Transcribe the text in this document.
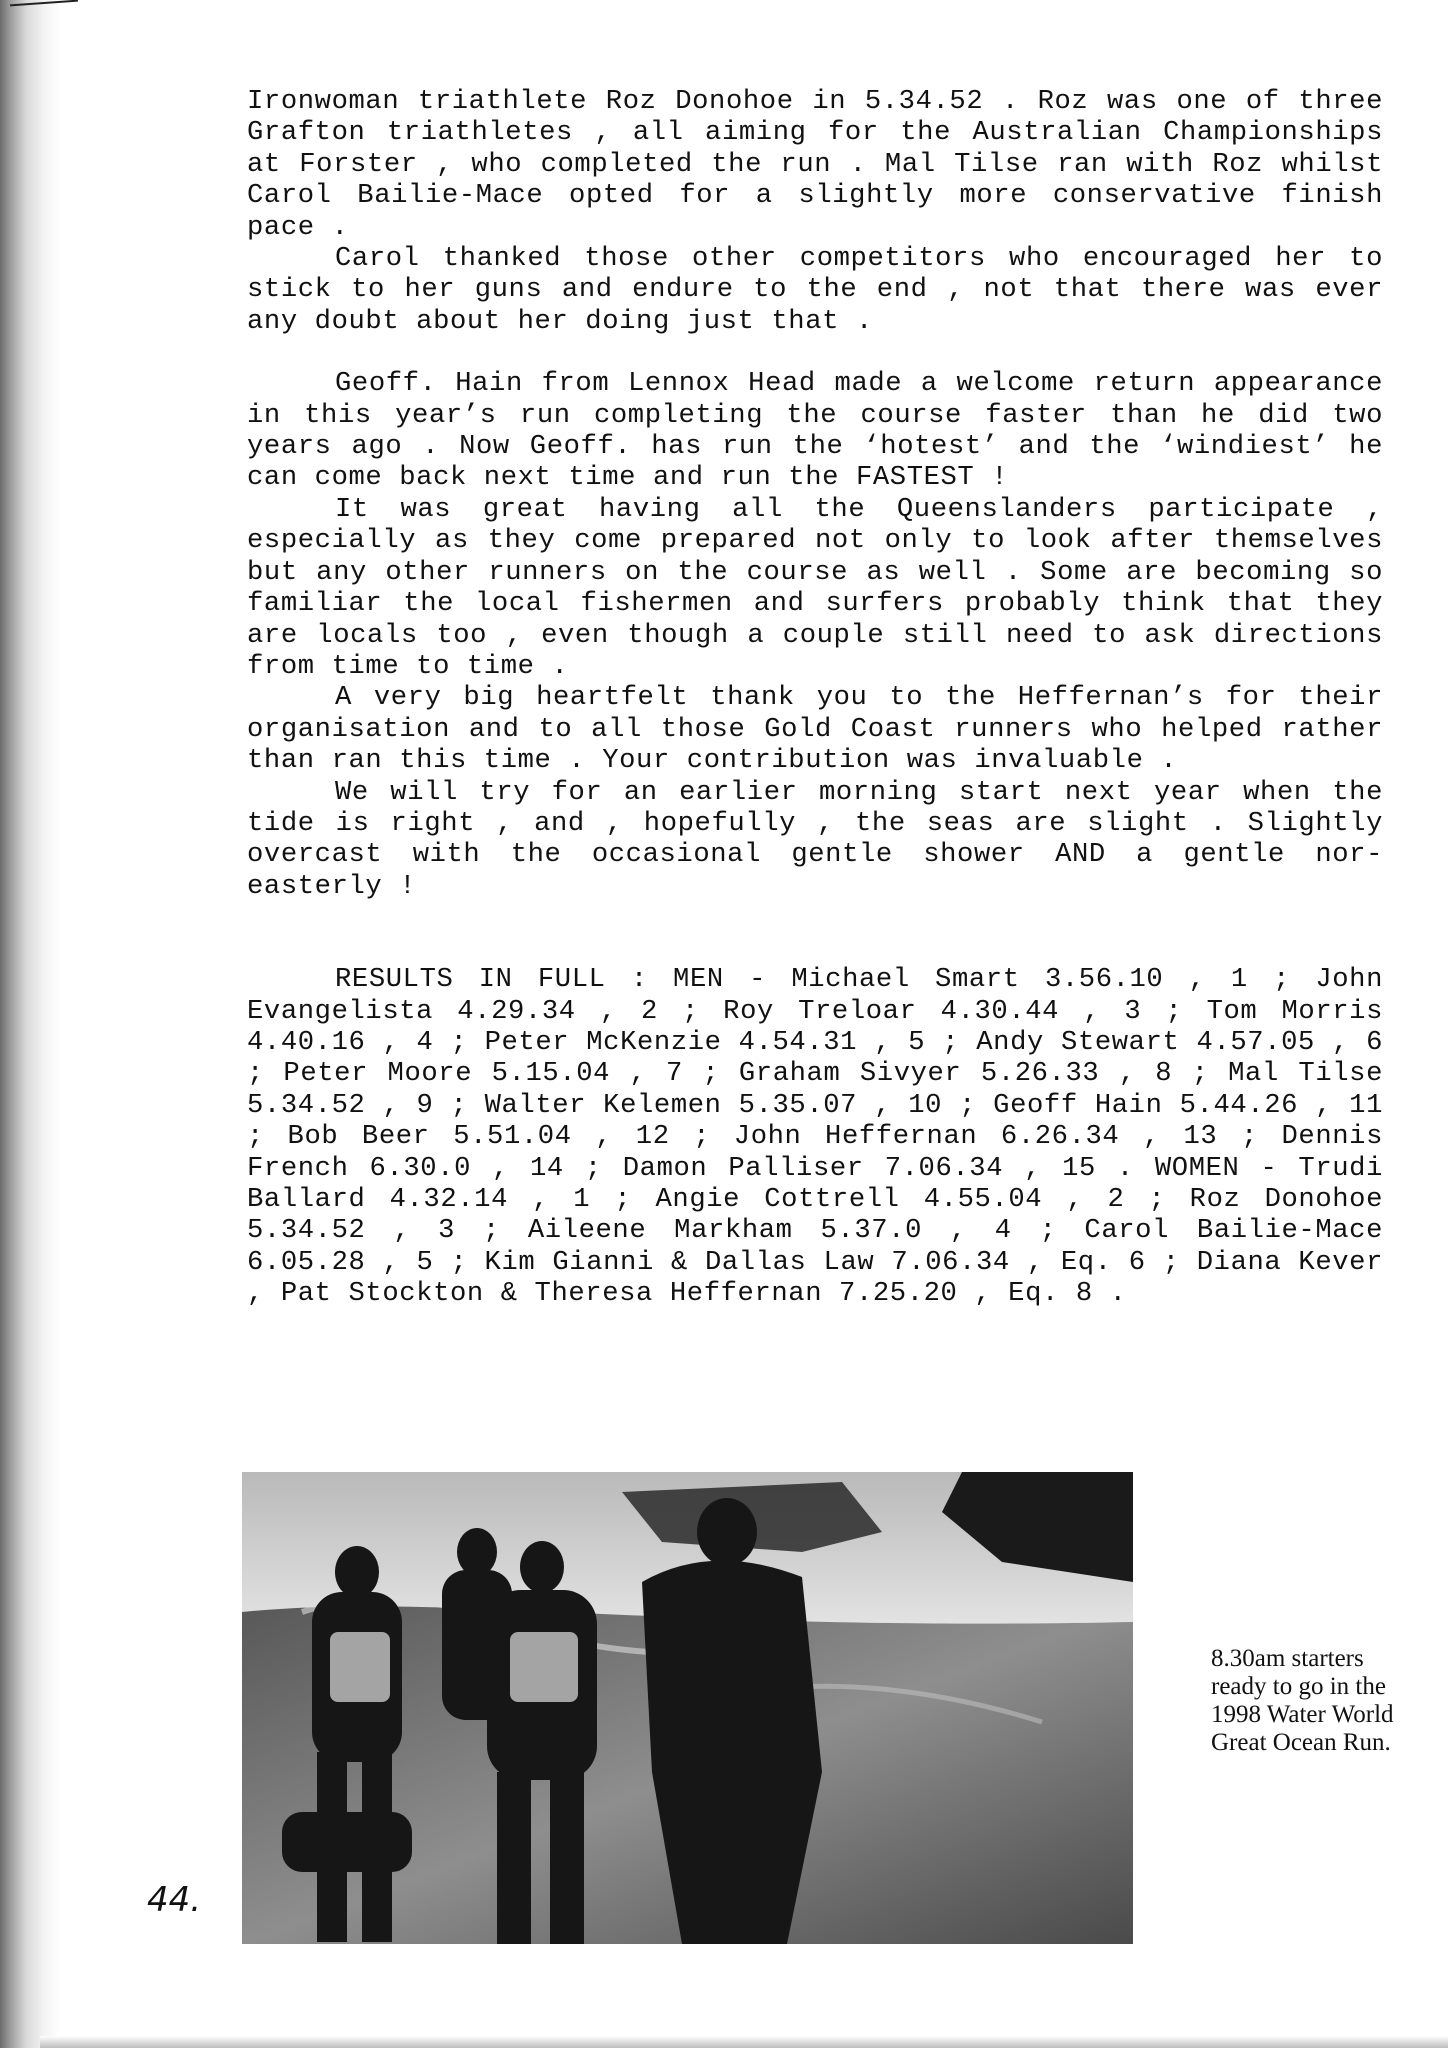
Ironwoman triathlete Roz Donohoe in 5.34.52 . Roz was one of three Grafton triathletes , all aiming for the Australian Championships at Forster , who completed the run . Mal Tilse ran with Roz whilst Carol Bailie-Mace opted for a slightly more conservative finish pace .

Carol thanked those other competitors who encouraged her to stick to her guns and endure to the end , not that there was ever any doubt about her doing just that .

Geoff. Hain from Lennox Head made a welcome return appearance in this year’s run completing the course faster than he did two years ago . Now Geoff. has run the ‘hotest’ and the ‘windiest’ he can come back next time and run the FASTEST !

It was great having all the Queenslanders participate , especially as they come prepared not only to look after themselves but any other runners on the course as well . Some are becoming so familiar the local fishermen and surfers probably think that they are locals too , even though a couple still need to ask directions from time to time .

A very big heartfelt thank you to the Heffernan’s for their organisation and to all those Gold Coast runners who helped rather than ran this time . Your contribution was invaluable .

We will try for an earlier morning start next year when the tide is right , and , hopefully , the seas are slight . Slightly overcast with the occasional gentle shower AND a gentle nor-easterly !

RESULTS IN FULL : MEN - Michael Smart 3.56.10 , 1 ; John Evangelista 4.29.34 , 2 ; Roy Treloar 4.30.44 , 3 ; Tom Morris 4.40.16 , 4 ; Peter McKenzie 4.54.31 , 5 ; Andy Stewart 4.57.05 , 6 ; Peter Moore 5.15.04 , 7 ; Graham Sivyer 5.26.33 , 8 ; Mal Tilse 5.34.52 , 9 ; Walter Kelemen 5.35.07 , 10 ; Geoff Hain 5.44.26 , 11 ; Bob Beer 5.51.04 , 12 ; John Heffernan 6.26.34 , 13 ; Dennis French 6.30.0 , 14 ; Damon Palliser 7.06.34 , 15 . WOMEN - Trudi Ballard 4.32.14 , 1 ; Angie Cottrell 4.55.04 , 2 ; Roz Donohoe 5.34.52 , 3 ; Aileene Markham 5.37.0 , 4 ; Carol Bailie-Mace 6.05.28 , 5 ; Kim Gianni & Dallas Law 7.06.34 , Eq. 6 ; Diana Kever , Pat Stockton & Theresa Heffernan 7.25.20 , Eq. 8 .

8.30am starters ready to go in the 1998 Water World Great Ocean Run.
44.
